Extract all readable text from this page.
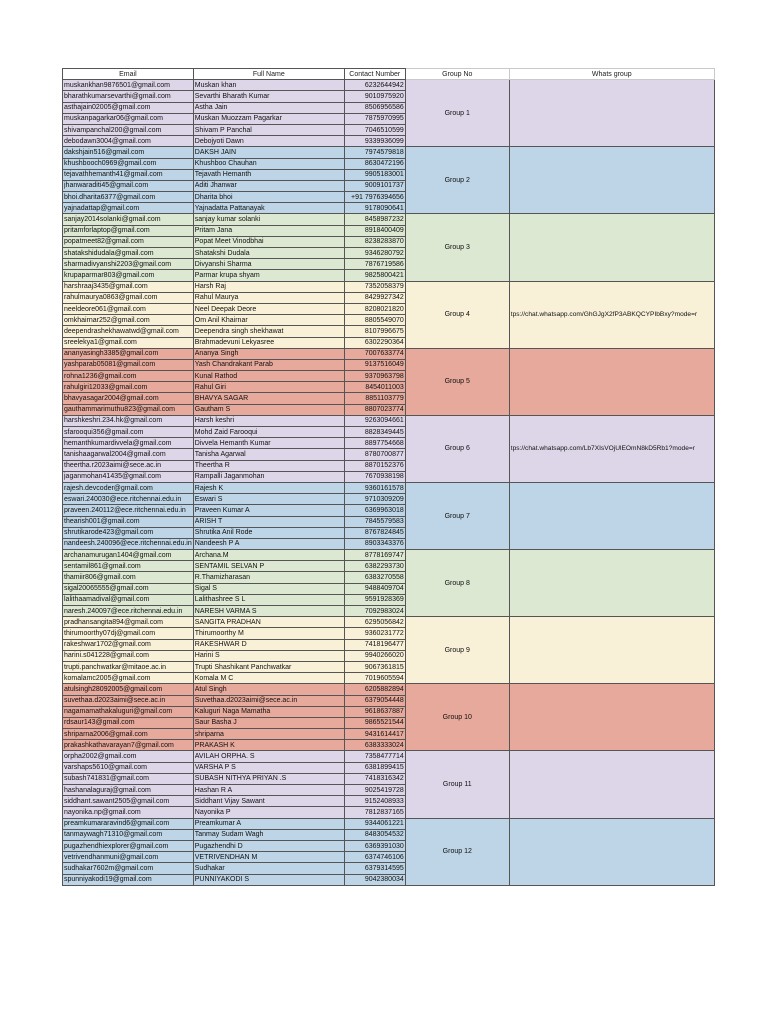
Email	Full Name	Contact Number	Group No	Whats group

muskankhan9876501@gmail.com	Muskan khan	6232644942	Group 1	

bharathkumarsevarthi@gmail.com	Sevarthi Bharath Kumar	9010975920		

asthajain02005@gmail.com	Astha Jain	8506956586		

muskanpagarkar06@gmail.com	Muskan Muozzam Pagarkar	7875970995		

shivampanchal200@gmail.com	Shivam P Panchal	7046510599		

debodawn3004@gmail.com	Debojyoti Dawn	9339936099		

dakshjain516@gmail.com	DAKSH JAIN	7974579818	Group 2	

khushbooch0969@gmail.com	Khushboo Chauhan	8630472196		

tejavathhemanth41@gmail.com	Tejavath Hemanth	9905183001		

jhanwaraditi45@gmail.com	Aditi Jhanwar	9009101737		

bhoi.dharita6377@gmail.com	Dharita bhoi	+91 7976394656		

yajnadattap@gmail.com	Yajnadatta Pattanayak	9178090641		

sanjay2014solanki@gmail.com	sanjay kumar solanki	8458987232	Group 3	

pritamforlaptop@gmail.com	Pritam Jana	8918400409		

popatmeet82@gmail.com	Popat Meet Vinodbhai	8238283870		

shatakshidudala@gmail.com	Shatakshi Dudala	9346280792		

sharmadivyanshi2203@gmail.com	Divyanshi Sharma	7876719586		

krupaparmar803@gmail.com	Parmar krupa shyam	9825800421		

harshraaj3435@gmail.com	Harsh Raj	7352058379	Group 4	tps://chat.whatsapp.com/GhGJgX2fP3ABKQCYPIbBxy?mode=r

rahulmaurya0863@gmail.com	Rahul Maurya	8429927342		

neeldeore061@gmail.com	Neel Deepak Deore	8208021820		

omkhairnar252@gmail.com	Om Anil Khairnar	8805549070		

deependrashekhawatwd@gmail.com	Deependra singh shekhawat	8107996675		

sreelekya1@gmail.com	Brahmadevuni Lekyasree	6302290364		

ananyasingh3385@gmail.com	Ananya Singh	7007633774	Group 5	

yashparab05081@gmail.com	Yash Chandrakant Parab	9137516049		

rohna1236@gmail.com	Kunal Rathod	9370963798		

rahulgiri12033@gmail.com	Rahul Giri	8454011003		

bhavyasagar2004@gmail.com	BHAVYA SAGAR	8851103779		

gauthammarimuthu823@gmail.com	Gautham S	8807023774		

harshkeshri.234.hk@gmail.com	Harsh keshri	9263094661	Group 6	tps://chat.whatsapp.com/Lb7XIsVOjUlEOmN8kD5Rb1?mode=r

sfarooqui356@gmail.com	Mohd Zaid Farooqui	8828349445		

hemanthkumardivvela@gmail.com	Divvela Hemanth Kumar	8897754668		

tanishaagarwal2004@gmail.com	Tanisha Agarwal	8780700877		

theertha.r2023aimi@sece.ac.in	Theertha R	8870152376		

jaganmohan41435@gmail.com	Rampalli Jaganmohan	7670938198		

rajesh.devcoder@gmail.com	Rajesh K	9360161578	Group 7	

eswari.240030@ece.ritchennai.edu.in	Eswari S	9710309209		

praveen.240112@ece.ritchennai.edu.in	Praveen Kumar A	6369963018		

thearish001@gmail.com	ARISH T	7845579583		

shrutikarode423@gmail.com	Shrutika Anil Rode	8767824845		

nandeesh.240096@ece.ritchennai.edu.in	Nandeesh P A	8903343376		

archanamurugan1404@gmail.com	Archana.M	8778169747	Group 8	

sentamil861@gmail.com	SENTAMIL SELVAN P	6382293730		

thamiir806@gmail.com	R.Thamizharasan	6383270558		

sigal20065555@gmail.com	Sigal S	9488409704		

lalithaamadival@gmail.com	Lalithashree S L	9591928369		

naresh.240097@ece.ritchennai.edu.in	NARESH VARMA S	7092983024		

pradhansangita894@gmail.com	SANGITA PRADHAN	6295056842	Group 9	

thirumoorthy07dj@gmail.com	Thirumoorthy M	9360231772		

rakeshwar1702@gmail.com	RAKESHWAR D	7418196477		

harini.s041228@gmail.com	Harini S	9940266020		

trupti.panchwatkar@mitaoe.ac.in	Trupti Shashikant Panchwatkar	9067361815		

komalamc2005@gmail.com	Komala M C	7019605594		

atulsingh28092005@gmail.com	Atul Singh	6205882894	Group 10	

suvethaa.d2023aimi@sece.ac.in	Suvethaa.d2023aimi@sece.ac.in	6379054448		

nagamamathakaluguri@gmail.com	Kaluguri Naga Mamatha	9618637887		

rdsaur143@gmail.com	Saur Basha J	9865521544		

shriparna2006@gmail.com	shriparna	9431614417		

prakashkathavarayan7@gmail.com	PRAKASH K	6383333024		

orpha2002@gmail.com	AVILAH ORPHA. S	7358477714	Group 11	

varshaps5610@gmail.com	VARSHA P S	6381899415		

subash741831@gmail.com	SUBASH NITHYA PRIYAN .S	7418316342		

hashanalaguraj@gmail.com	Hashan R A	9025419728		

siddhant.sawant2505@gmail.com	Siddhant Vijay Sawant	9152408933		

nayonika.np@gmail.com	Nayonika P	7812837165		

preamkumararavind6@gmail.com	Preamkumar A	9344061221	Group 12	

tanmaywagh71310@gmail.com	Tanmay Sudam Wagh	8483054532		

pugazhendhiexplorer@gmail.com	Pugazhendhi D	6369391030		

vetrivendhanmuni@gmail.com	VETRIVENDHAN M	6374746106		

sudhakar7602m@gmail.com	Sudhakar	6379314595		

spunniyakodi19@gmail.com	PUNNIYAKODI S	9042380034		
